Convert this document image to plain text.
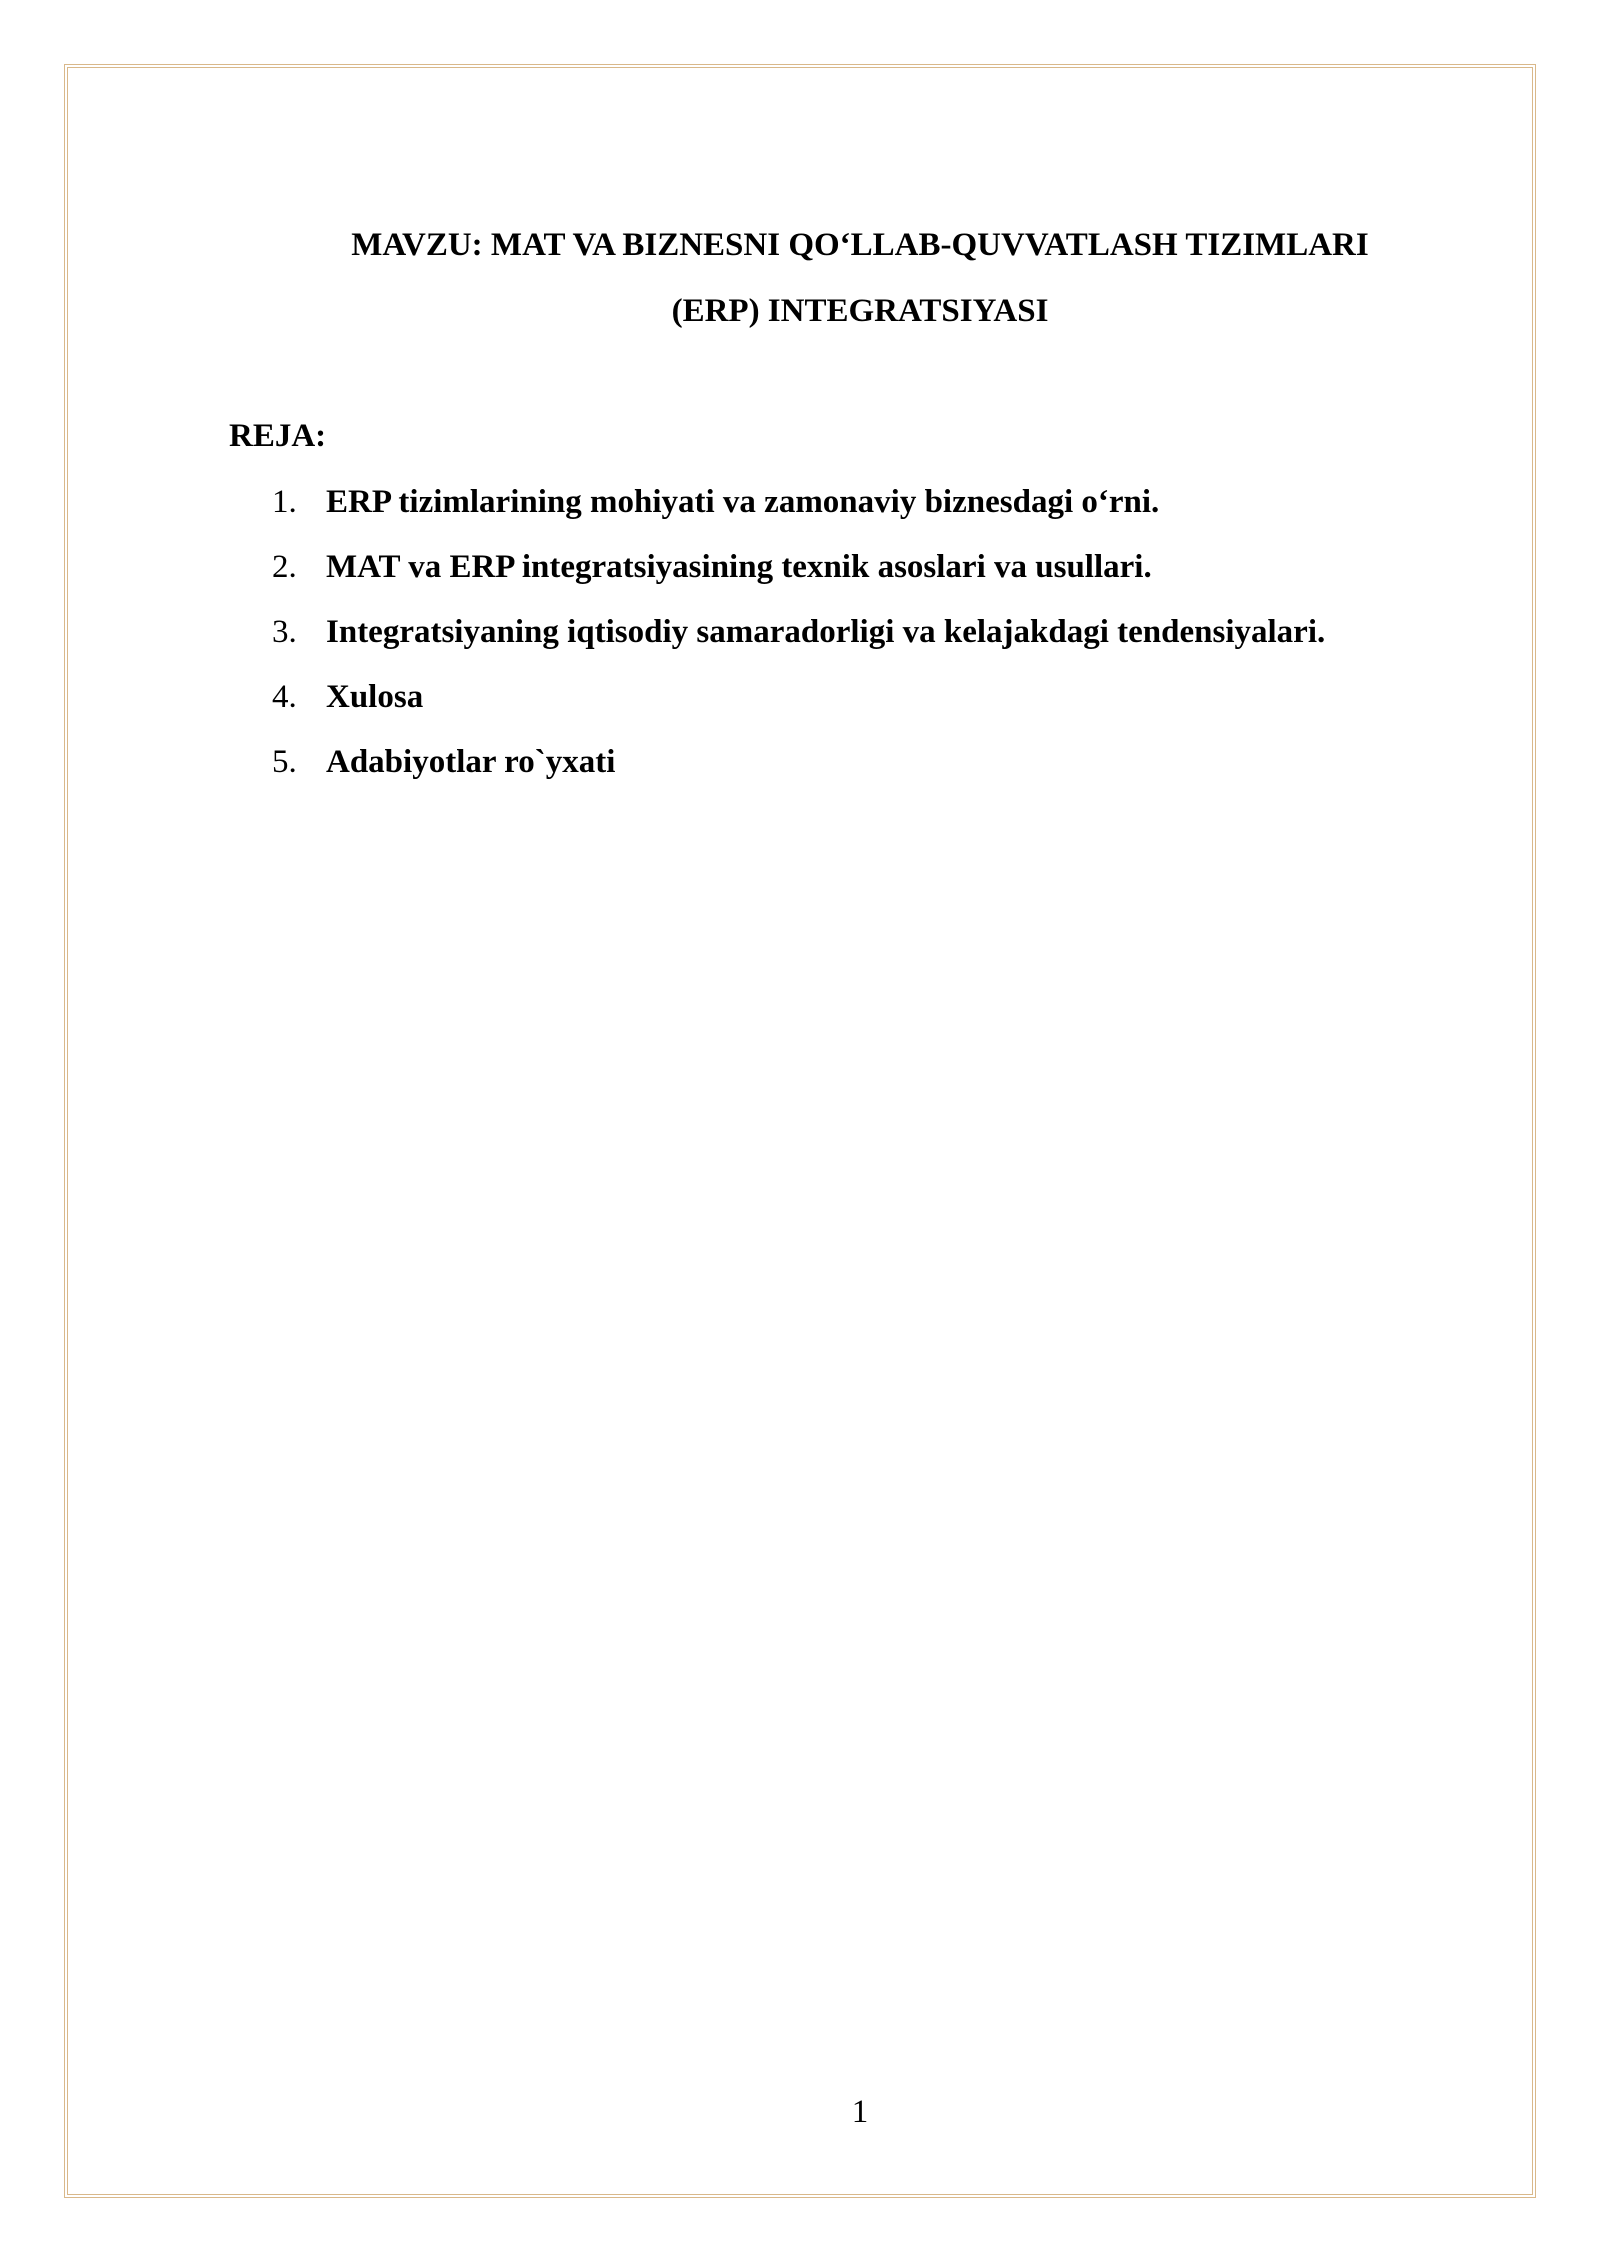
MAVZU: MAT VA BIZNESNI QO‘LLAB-QUVVATLASH TIZIMLARI
(ERP) INTEGRATSIYASI
REJA:
1. ERP tizimlarining mohiyati va zamonaviy biznesdagi o‘rni.
2. MAT va ERP integratsiyasining texnik asoslari va usullari.
3. Integratsiyaning iqtisodiy samaradorligi va kelajakdagi tendensiyalari.
4. Xulosa
5. Adabiyotlar ro`yxati
1
